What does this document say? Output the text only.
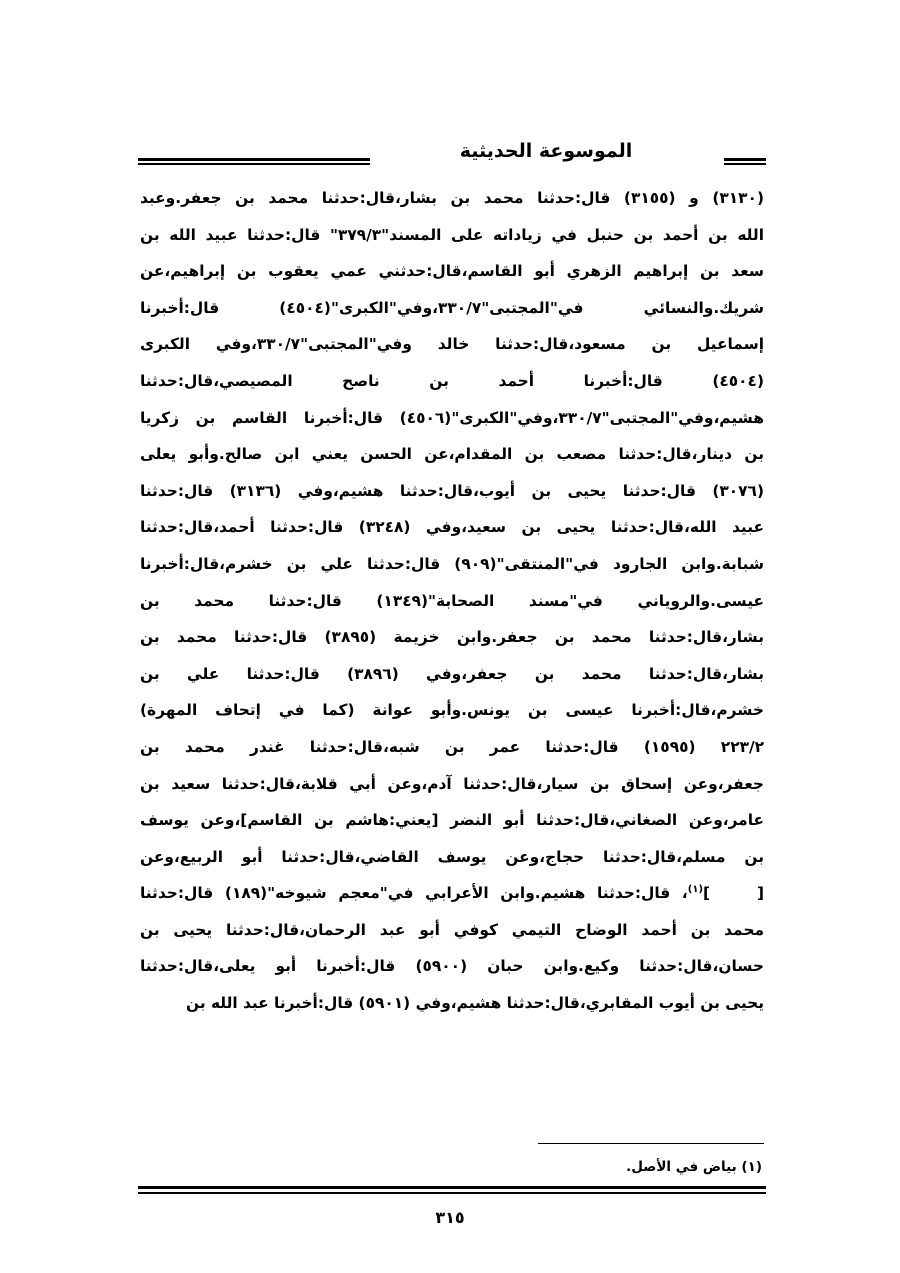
الموسوعة الحديثية
(٣١٣٠) و (٣١٥٥) قال:حدثنا محمد بن بشار،قال:حدثنا محمد بن جعفر.وعبد
الله بن أحمد بن حنبل في زياداته على المسند"٣٧٩/٣" قال:حدثنا عبيد الله بن
سعد بن إبراهيم الزهري أبو القاسم،قال:حدثني عمي يعقوب بن إبراهيم،عن
شريك.والنسائي في"المجتبى"٣٣٠/٧،وفي"الكبرى"(٤٥٠٤) قال:أخبرنا
إسماعيل بن مسعود،قال:حدثنا خالد وفي"المجتبى"٣٣٠/٧،وفي الكبرى
(٤٥٠٤) قال:أخبرنا أحمد بن ناصح المصيصي،قال:حدثنا
هشيم،وفي"المجتبى"٣٣٠/٧،وفي"الكبرى"(٤٥٠٦) قال:أخبرنا القاسم بن زكريا
بن دينار،قال:حدثنا مصعب بن المقدام،عن الحسن يعني ابن صالح.وأبو يعلى
(٣٠٧٦) قال:حدثنا يحيى بن أيوب،قال:حدثنا هشيم،وفي (٣١٣٦) قال:حدثنا
عبيد الله،قال:حدثنا يحيى بن سعيد،وفي (٣٢٤٨) قال:حدثنا أحمد،قال:حدثنا
شبابة.وابن الجارود في"المنتقى"(٩٠٩) قال:حدثنا علي بن خشرم،قال:أخبرنا
عيسى.والروياني في"مسند الصحابة"(١٣٤٩) قال:حدثنا محمد بن
بشار،قال:حدثنا محمد بن جعفر.وابن خزيمة (٣٨٩٥) قال:حدثنا محمد بن
بشار،قال:حدثنا محمد بن جعفر،وفي (٣٨٩٦) قال:حدثنا علي بن
خشرم،قال:أخبرنا عيسى بن يونس.وأبو عوانة (كما في إتحاف المهرة)
٢٢٣/٢ (١٥٩٥) قال:حدثنا عمر بن شبه،قال:حدثنا غندر محمد بن
جعفر،وعن إسحاق بن سيار،قال:حدثنا آدم،وعن أبي قلابة،قال:حدثنا سعيد بن
عامر،وعن الصغاني،قال:حدثنا أبو النضر [يعني:هاشم بن القاسم]،وعن يوسف
بن مسلم،قال:حدثنا حجاج،وعن يوسف القاضي،قال:حدثنا أبو الربيع،وعن
[    ]$^{(١)}$، قال:حدثنا هشيم.وابن الأعرابي في"معجم شيوخه"(١٨٩) قال:حدثنا
محمد بن أحمد الوضاح التيمي كوفي أبو عبد الرحمان،قال:حدثنا يحيى بن
حسان،قال:حدثنا وكيع.وابن حبان (٥٩٠٠) قال:أخبرنا أبو يعلى،قال:حدثنا
يحيى بن أيوب المقابري،قال:حدثنا هشيم،وفي (٥٩٠١) قال:أخبرنا عبد الله بن
(١) بياض في الأصل.
٣١٥
